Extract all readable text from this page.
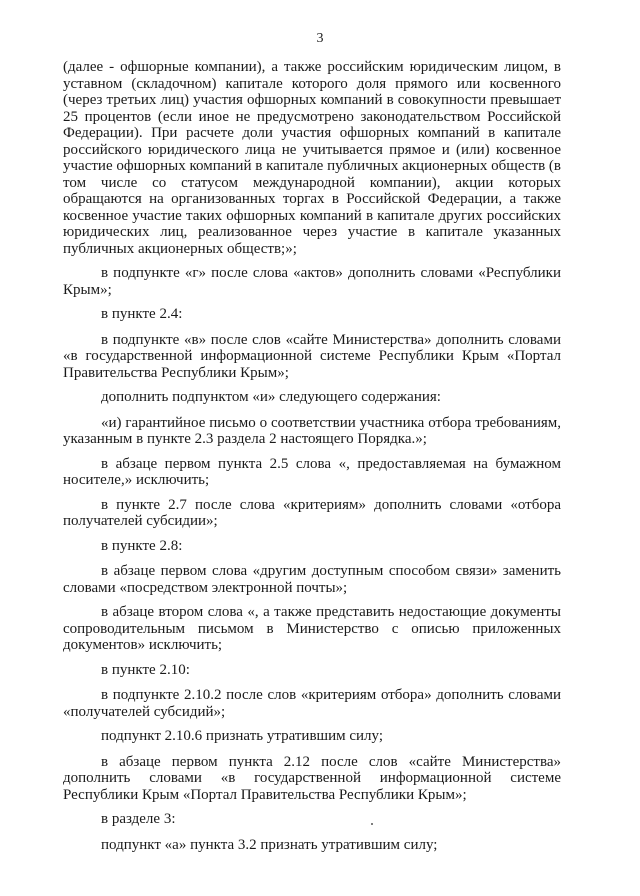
3

(далее - офшорные компании), а также российским юридическим лицом, в уставном (складочном) капитале которого доля прямого или косвенного (через третьих лиц) участия офшорных компаний в совокупности превышает 25 процентов (если иное не предусмотрено законодательством Российской Федерации). При расчете доли участия офшорных компаний в капитале российского юридического лица не учитывается прямое и (или) косвенное участие офшорных компаний в капитале публичных акционерных обществ (в том числе со статусом международной компании), акции которых обращаются на организованных торгах в Российской Федерации, а также косвенное участие таких офшорных компаний в капитале других российских юридических лиц, реализованное через участие в капитале указанных публичных акционерных обществ;»;

в подпункте «г» после слова «актов» дополнить словами «Республики Крым»;

в пункте 2.4:

в подпункте «в» после слов «сайте Министерства» дополнить словами «в государственной информационной системе Республики Крым «Портал Правительства Республики Крым»;

дополнить подпунктом «и» следующего содержания:

«и) гарантийное письмо о соответствии участника отбора требованиям, указанным в пункте 2.3 раздела 2 настоящего Порядка.»;

в абзаце первом пункта 2.5 слова «, предоставляемая на бумажном носителе,» исключить;

в пункте 2.7 после слова «критериям» дополнить словами «отбора получателей субсидии»;

в пункте 2.8:

в абзаце первом слова «другим доступным способом связи» заменить словами «посредством электронной почты»;

в абзаце втором слова «, а также представить недостающие документы сопроводительным письмом в Министерство с описью приложенных документов» исключить;

в пункте 2.10:

в подпункте 2.10.2 после слов «критериям отбора» дополнить словами «получателей субсидий»;

подпункт 2.10.6 признать утратившим силу;

в абзаце первом пункта 2.12 после слов «сайте Министерства» дополнить словами «в государственной информационной системе Республики Крым «Портал Правительства Республики Крым»;

в разделе 3:

подпункт «а» пункта 3.2 признать утратившим силу;
